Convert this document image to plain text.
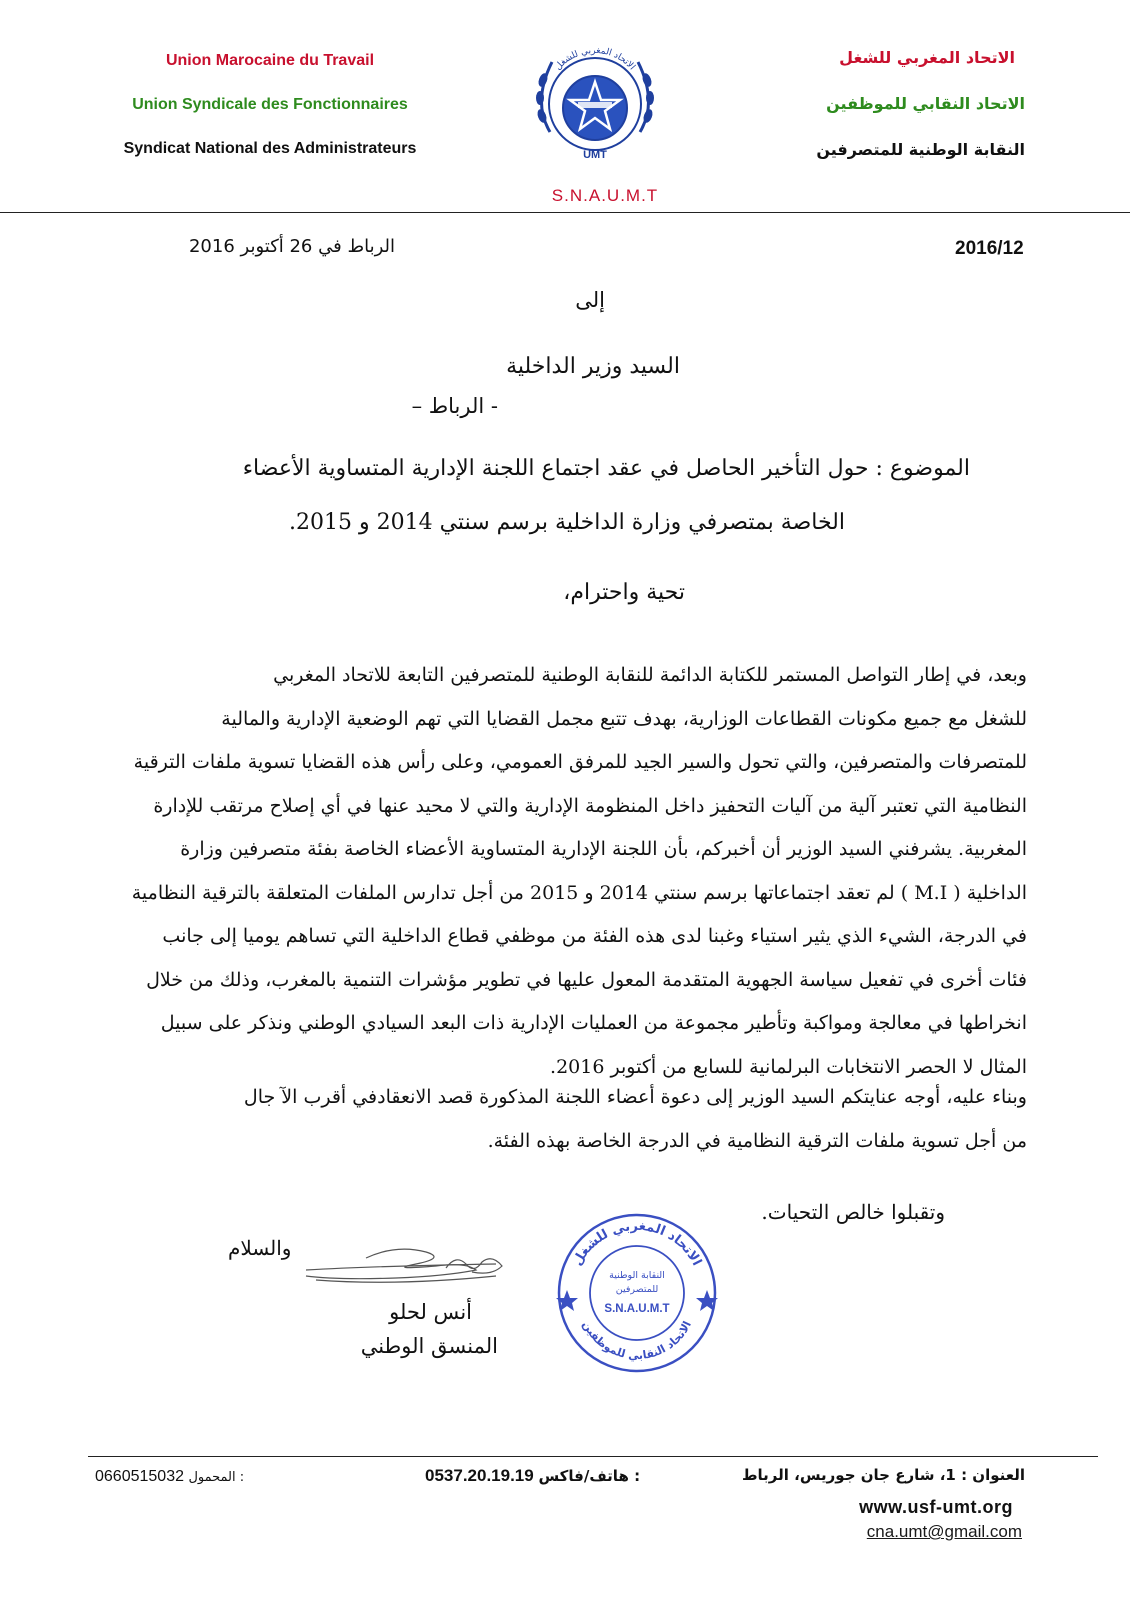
Union Marocaine du Travail
Union Syndicale des Fonctionnaires
Syndicat National des Administrateurs
الاتحاد المغربي للشغل
الاتحاد النقابي للموظفين
النقابة الوطنية للمتصرفين
الاتحاد المغربي للشغل
UMT
S.N.A.U.M.T
2016/12
الرباط في 26 أكتوبر 2016
إلى
السيد وزير الداخلية
- الرباط –
الموضوع : حول التأخير الحاصل في عقد اجتماع اللجنة الإدارية المتساوية الأعضاء
الخاصة بمتصرفي وزارة الداخلية برسم سنتي 2014 و 2015.
تحية واحترام،
وبعد، في إطار التواصل المستمر للكتابة الدائمة للنقابة الوطنية للمتصرفين التابعة للاتحاد المغربي
للشغل مع جميع مكونات القطاعات الوزارية، بهدف تتبع مجمل القضايا التي تهم الوضعية الإدارية والمالية
للمتصرفات والمتصرفين، والتي تحول والسير الجيد للمرفق العمومي، وعلى رأس هذه القضايا تسوية ملفات الترقية
النظامية التي تعتبر آلية من آليات التحفيز داخل المنظومة الإدارية والتي لا محيد عنها في أي إصلاح مرتقب للإدارة
المغربية. يشرفني السيد الوزير أن أخبركم، بأن اللجنة الإدارية المتساوية الأعضاء الخاصة بفئة متصرفين وزارة
الداخلية ( M.I ) لم تعقد اجتماعاتها برسم سنتي 2014 و 2015 من أجل تدارس الملفات المتعلقة بالترقية النظامية
في الدرجة، الشيء الذي يثير استياء وغبنا لدى هذه الفئة من موظفي قطاع الداخلية التي تساهم يوميا إلى جانب
فئات أخرى في تفعيل سياسة الجهوية المتقدمة المعول عليها في تطوير مؤشرات التنمية بالمغرب، وذلك من خلال
انخراطها في معالجة ومواكبة وتأطير مجموعة من العمليات الإدارية ذات البعد السيادي الوطني ونذكر على سبيل
المثال لا الحصر الانتخابات البرلمانية للسابع من أكتوبر 2016.
وبناء عليه، أوجه عنايتكم السيد الوزير إلى دعوة أعضاء اللجنة المذكورة قصد الانعقادفي أقرب الآ جال
من أجل تسوية ملفات الترقية النظامية في الدرجة الخاصة بهذه الفئة.
وتقبلوا خالص التحيات.
والسلام
أنس لحلو
المنسق الوطني
الاتحاد المغربي للشغل
الاتحاد النقابي للموظفين
النقابة الوطنية
للمتصرفين
S.N.A.U.M.T
العنوان : 1، شارع جان جوريس، الرباط
0537.20.19.19 هاتف/فاكس :
0660515032 المحمول :
www.usf-umt.org
cna.umt@gmail.com
